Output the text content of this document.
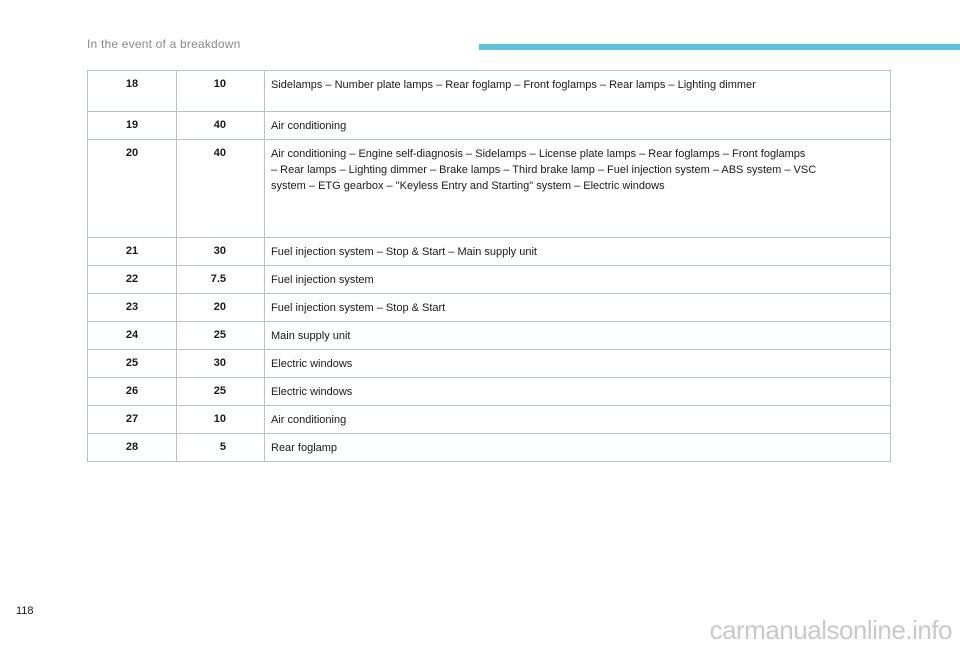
In the event of a breakdown
18	10	Sidelamps – Number plate lamps – Rear foglamp – Front foglamps – Rear lamps – Lighting dimmer
19	40	Air conditioning
20	40	Air conditioning – Engine self-diagnosis – Sidelamps – License plate lamps – Rear foglamps – Front foglamps
– Rear lamps – Lighting dimmer – Brake lamps – Third brake lamp – Fuel injection system – ABS system – VSC
system – ETG gearbox – "Keyless Entry and Starting" system – Electric windows
21	30	Fuel injection system – Stop & Start – Main supply unit
22	7.5	Fuel injection system
23	20	Fuel injection system – Stop & Start
24	25	Main supply unit
25	30	Electric windows
26	25	Electric windows
27	10	Air conditioning
28	5	Rear foglamp
118
carmanualsonline.info
